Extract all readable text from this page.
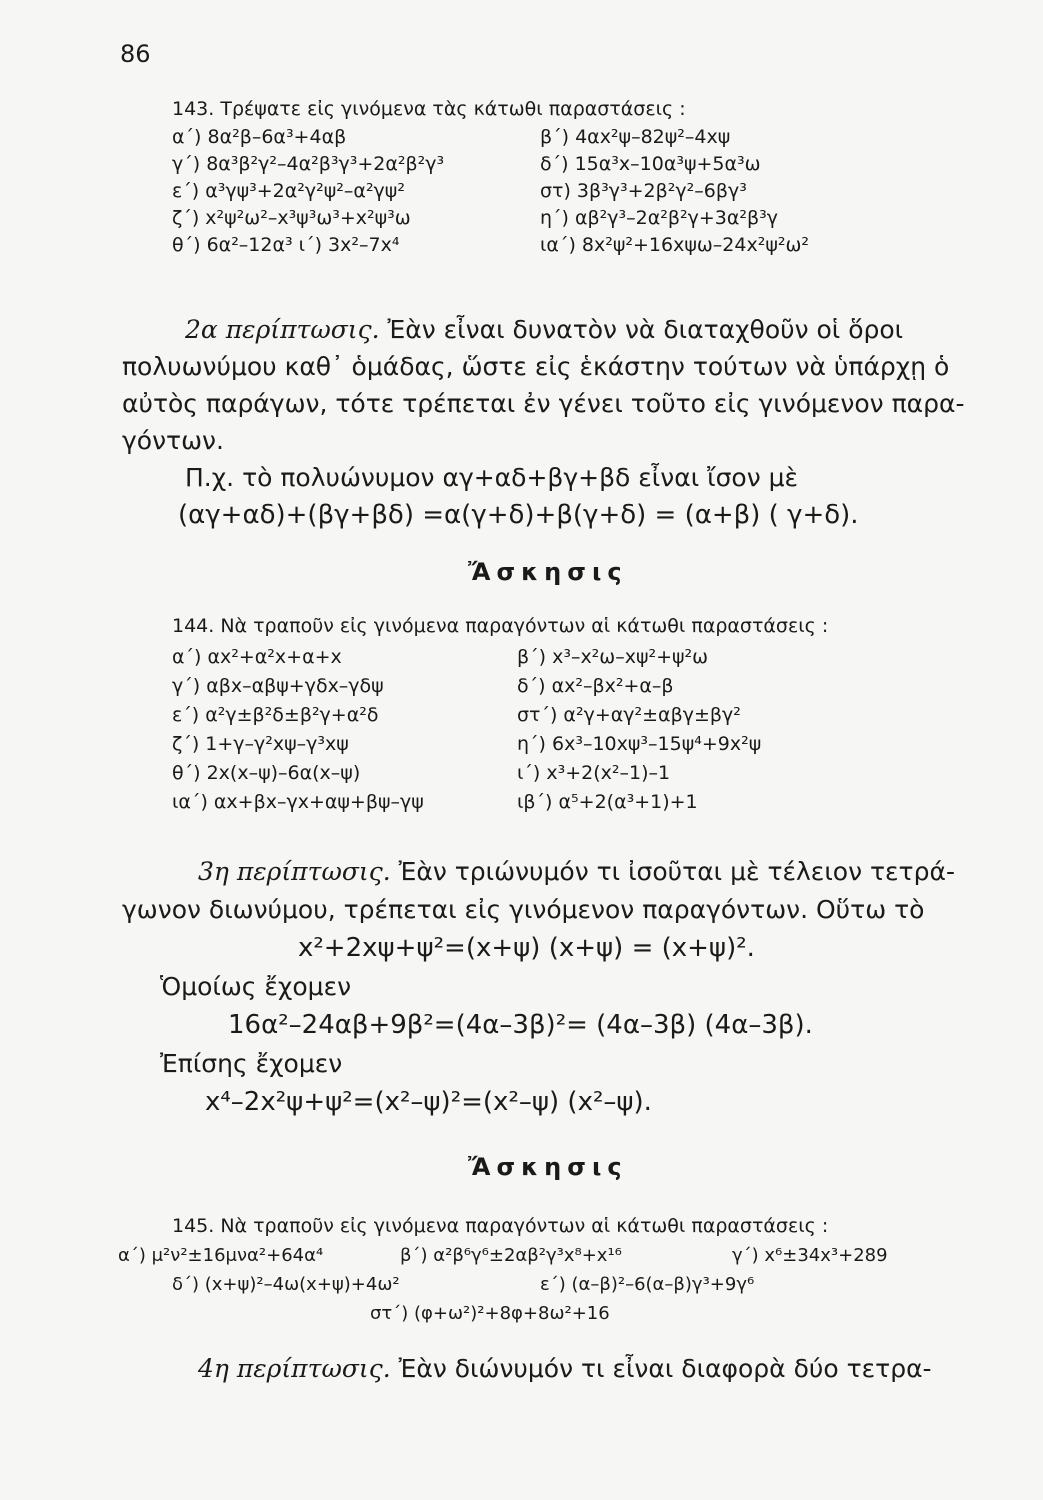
86
143. Τρέψατε εἰς γινόμενα τὰς κάτωθι παραστάσεις :
α΄) 8α²β–6α³+4αβ	β΄) 4αx²ψ–82ψ²–4xψ
γ΄) 8α³β²γ²–4α²β³γ³+2α²β²γ³	δ΄) 15α³x–10α³ψ+5α³ω
ε΄) α³γψ³+2α²γ²ψ²–α²γψ²	στ) 3β³γ³+2β²γ²–6βγ³
ζ΄) x²ψ²ω²–x³ψ³ω³+x²ψ³ω	η΄) αβ²γ³–2α²β²γ+3α²β³γ
θ΄) 6α²–12α³ ι΄) 3x²–7x⁴	ια΄) 8x²ψ²+16xψω–24x²ψ²ω²
2α περίπτωσις. Ἐὰν εἶναι δυνατὸν νὰ διαταχθοῦν οἱ ὅροι
πολυωνύμου καθ᾽ ὁμάδας, ὥστε εἰς ἑκάστην τούτων νὰ ὑπάρχῃ ὁ
αὐτὸς παράγων, τότε τρέπεται ἐν γένει τοῦτο εἰς γινόμενον παρα-
γόντων.
Π.χ. τὸ πολυώνυμον αγ+αδ+βγ+βδ εἶναι ἴσον μὲ
(αγ+αδ)+(βγ+βδ) =α(γ+δ)+β(γ+δ) = (α+β) ( γ+δ).
Ἄσκησις
144. Νὰ τραποῦν εἰς γινόμενα παραγόντων αἱ κάτωθι παραστάσεις :
α΄) αx²+α²x+α+x	β΄) x³–x²ω–xψ²+ψ²ω
γ΄) αβx–αβψ+γδx–γδψ	δ΄) αx²–βx²+α–β
ε΄) α²γ±β²δ±β²γ+α²δ	στ΄) α²γ+αγ²±αβγ±βγ²
ζ΄) 1+γ–γ²xψ–γ³xψ	η΄) 6x³–10xψ³–15ψ⁴+9x²ψ
θ΄) 2x(x–ψ)–6α(x–ψ)	ι΄) x³+2(x²–1)–1
ια΄) αx+βx–γx+αψ+βψ–γψ	ιβ΄) α⁵+2(α³+1)+1
3η περίπτωσις. Ἐὰν τριώνυμόν τι ἰσοῦται μὲ τέλειον τετρά-
γωνον διωνύμου, τρέπεται εἰς γινόμενον παραγόντων. Οὕτω τὸ
x²+2xψ+ψ²=(x+ψ) (x+ψ) = (x+ψ)².
Ὁμοίως ἔχομεν
16α²–24αβ+9β²=(4α–3β)²= (4α–3β) (4α–3β).
Ἐπίσης ἔχομεν
x⁴–2x²ψ+ψ²=(x²–ψ)²=(x²–ψ) (x²–ψ).
Ἄσκησις
145. Νὰ τραποῦν εἰς γινόμενα παραγόντων αἱ κάτωθι παραστάσεις :
α΄) μ²ν²±16μνα²+64α⁴	β΄) α²β⁶γ⁶±2αβ²γ³x⁸+x¹⁶	γ΄) x⁶±34x³+289
δ΄) (x+ψ)²–4ω(x+ψ)+4ω²	ε΄) (α–β)²–6(α–β)γ³+9γ⁶
στ΄) (φ+ω²)²+8φ+8ω²+16
4η περίπτωσις. Ἐὰν διώνυμόν τι εἶναι διαφορὰ δύο τετρα-
